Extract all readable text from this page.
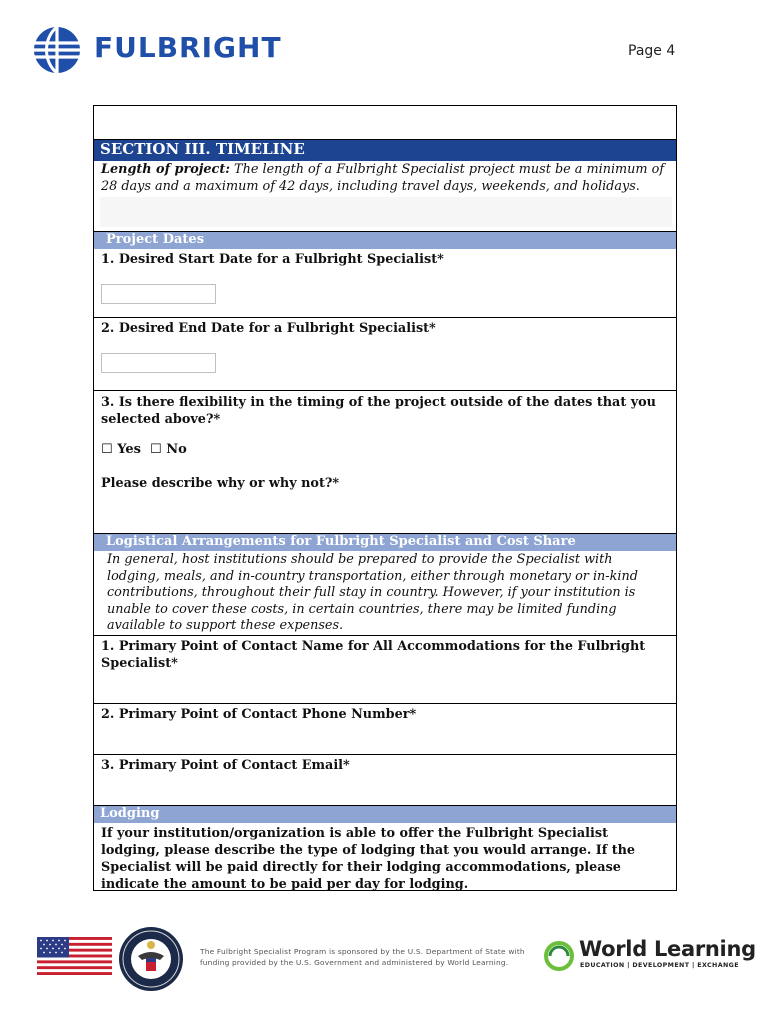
FULBRIGHT	Page 4
SECTION III. TIMELINE
Length of project: The length of a Fulbright Specialist project must be a minimum of 28 days and a maximum of 42 days, including travel days, weekends, and holidays.
Project Dates
1. Desired Start Date for a Fulbright Specialist*
2. Desired End Date for a Fulbright Specialist*
3. Is there flexibility in the timing of the project outside of the dates that you selected above?*
☐ Yes ☐ No
Please describe why or why not?*
Logistical Arrangements for Fulbright Specialist and Cost Share
In general, host institutions should be prepared to provide the Specialist with lodging, meals, and in-country transportation, either through monetary or in-kind contributions, throughout their full stay in country. However, if your institution is unable to cover these costs, in certain countries, there may be limited funding available to support these expenses.
1. Primary Point of Contact Name for All Accommodations for the Fulbright Specialist*
2. Primary Point of Contact Phone Number*
3. Primary Point of Contact Email*
Lodging
If your institution/organization is able to offer the Fulbright Specialist lodging, please describe the type of lodging that you would arrange. If the Specialist will be paid directly for their lodging accommodations, please indicate the amount to be paid per day for lodging.
The Fulbright Specialist Program is sponsored by the U.S. Department of State with
funding provided by the U.S. Government and administered by World Learning.
World Learning
EDUCATION | DEVELOPMENT | EXCHANGE
